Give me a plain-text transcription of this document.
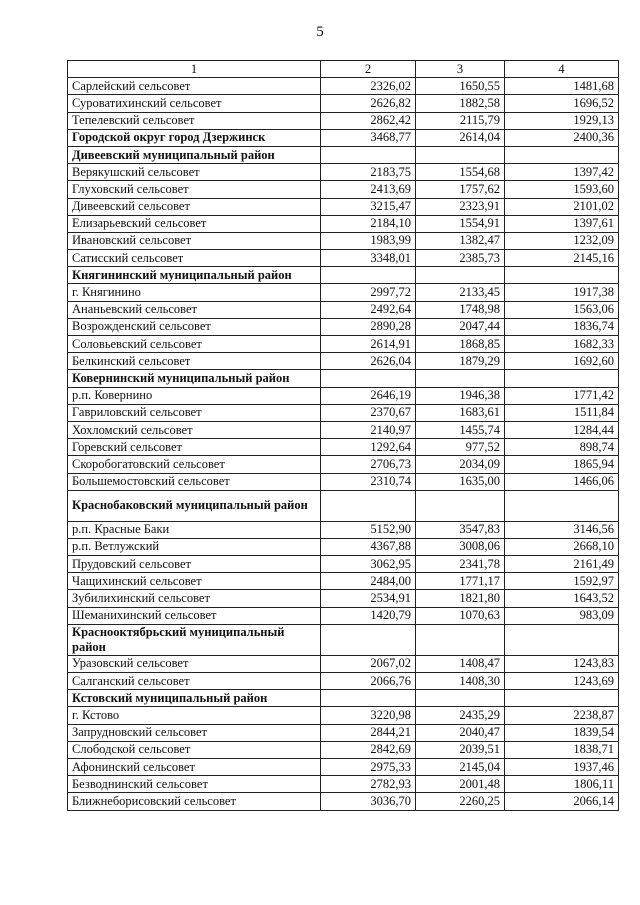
5
1	2	3	4
Сарлейский сельсовет	2326,02	1650,55	1481,68
Суроватихинский сельсовет	2626,82	1882,58	1696,52
Тепелевский сельсовет	2862,42	2115,79	1929,13
Городской округ город Дзержинск	3468,77	2614,04	2400,36
Дивеевский муниципальный район			
Верякушский сельсовет	2183,75	1554,68	1397,42
Глуховский сельсовет	2413,69	1757,62	1593,60
Дивеевский сельсовет	3215,47	2323,91	2101,02
Елизарьевский сельсовет	2184,10	1554,91	1397,61
Ивановский сельсовет	1983,99	1382,47	1232,09
Сатисский сельсовет	3348,01	2385,73	2145,16
Княгининский муниципальный район			
г. Княгинино	2997,72	2133,45	1917,38
Ананьевский сельсовет	2492,64	1748,98	1563,06
Возрожденский сельсовет	2890,28	2047,44	1836,74
Соловьевский сельсовет	2614,91	1868,85	1682,33
Белкинский сельсовет	2626,04	1879,29	1692,60
Ковернинский муниципальный район			
р.п. Ковернино	2646,19	1946,38	1771,42
Гавриловский сельсовет	2370,67	1683,61	1511,84
Хохломский сельсовет	2140,97	1455,74	1284,44
Горевский сельсовет	1292,64	977,52	898,74
Скоробогатовский сельсовет	2706,73	2034,09	1865,94
Большемостовский сельсовет	2310,74	1635,00	1466,06
Краснобаковский муниципальный район			
р.п. Красные Баки	5152,90	3547,83	3146,56
р.п. Ветлужский	4367,88	3008,06	2668,10
Прудовский сельсовет	3062,95	2341,78	2161,49
Чащихинский сельсовет	2484,00	1771,17	1592,97
Зубилихинский сельсовет	2534,91	1821,80	1643,52
Шеманихинский сельсовет	1420,79	1070,63	983,09
Краснооктябрьский муниципальный район			
Уразовский сельсовет	2067,02	1408,47	1243,83
Салганский сельсовет	2066,76	1408,30	1243,69
Кстовский муниципальный район			
г. Кстово	3220,98	2435,29	2238,87
Запрудновский сельсовет	2844,21	2040,47	1839,54
Слободской сельсовет	2842,69	2039,51	1838,71
Афонинский сельсовет	2975,33	2145,04	1937,46
Безводнинский сельсовет	2782,93	2001,48	1806,11
Ближнеборисовский сельсовет	3036,70	2260,25	2066,14
